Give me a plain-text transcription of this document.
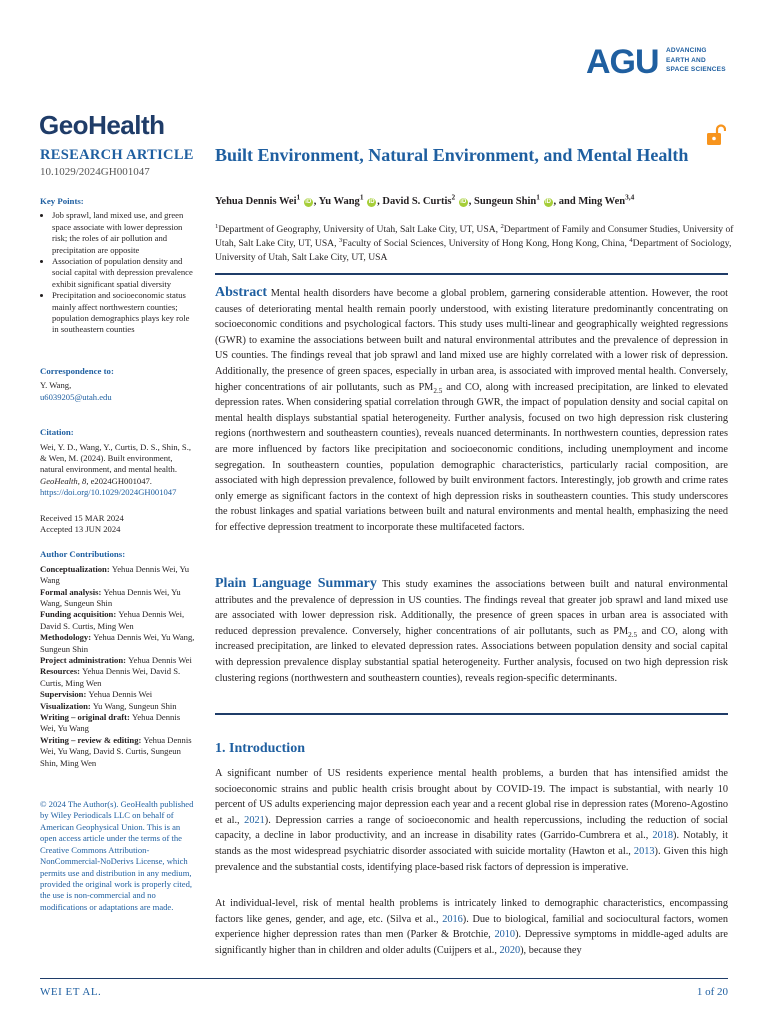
AGU ADVANCING
EARTH AND
SPACE SCIENCES
GeoHealth
RESEARCH ARTICLE
10.1029/2024GH001047
Key Points:
• Job sprawl, land mixed use, and green space associate with lower depression risk; the roles of air pollution and precipitation are opposite
• Association of population density and social capital with depression prevalence exhibit significant spatial diversity
• Precipitation and socioeconomic status mainly affect northwestern counties; population demographics plays key role in southeastern counties
Correspondence to:

Y. Wang,

u6039205@utah.edu

Citation:

Wei, Y. D., Wang, Y., Curtis, D. S., Shin, S., & Wen, M. (2024). Built environment, natural environment, and mental health. GeoHealth, 8, e2024GH001047. https://doi.org/10.1029/2024GH001047

Received 15 MAR 2024

Accepted 13 JUN 2024

Author Contributions:

Conceptualization: Yehua Dennis Wei, Yu Wang

Formal analysis: Yehua Dennis Wei, Yu Wang, Sungeun Shin

Funding acquisition: Yehua Dennis Wei, David S. Curtis, Ming Wen

Methodology: Yehua Dennis Wei, Yu Wang, Sungeun Shin

Project administration: Yehua Dennis Wei

Resources: Yehua Dennis Wei, David S. Curtis, Ming Wen

Supervision: Yehua Dennis Wei

Visualization: Yu Wang, Sungeun Shin

Writing – original draft: Yehua Dennis Wei, Yu Wang

Writing – review & editing: Yehua Dennis Wei, Yu Wang, David S. Curtis, Sungeun Shin, Ming Wen

© 2024 The Author(s). GeoHealth published by Wiley Periodicals LLC on behalf of American Geophysical Union. This is an open access article under the terms of the Creative Commons Attribution-NonCommercial-NoDerivs License, which permits use and distribution in any medium, provided the original work is properly cited, the use is non-commercial and no modifications or adaptations are made.

Built Environment, Natural Environment, and Mental Health
Yehua Dennis Wei$^1$ iD , Yu Wang$^1$ iD , David S. Curtis$^2$ iD , Sungeun Shin$^1$ iD , and Ming Wen$^{3,4}$
$^1$Department of Geography, University of Utah, Salt Lake City, UT, USA, $^2$Department of Family and Consumer Studies, University of Utah, Salt Lake City, UT, USA, $^3$Faculty of Social Sciences, University of Hong Kong, Hong Kong, China, $^4$Department of Sociology, University of Utah, Salt Lake City, UT, USA

Abstract Mental health disorders have become a global problem, garnering considerable attention. However, the root causes of deteriorating mental health remain poorly understood, with existing literature predominantly concentrating on socioeconomic conditions and psychological factors. This study uses multi-linear and geographically weighted regressions (GWR) to examine the associations between built and natural environmental attributes and the prevalence of depression in US counties. The findings reveal that job sprawl and land mixed use are highly correlated with a lower risk of depression. Additionally, the presence of green spaces, especially in urban area, is associated with improved mental health. Conversely, higher concentrations of air pollutants, such as $PM_{2.5}$ and CO, along with increased precipitation, are linked to elevated depression rates. When considering spatial correlation through GWR, the impact of population density and social capital on mental health displays substantial spatial heterogeneity. Further analysis, focused on two high depression risk clustering regions (northwestern and southeastern counties), reveals nuanced determinants. In northwestern counties, depression rates are more influenced by factors like precipitation and socioeconomic conditions, including unemployment and income segregation. In southeastern counties, population demographic characteristics, particularly racial composition, are associated with high depression prevalence, followed by built environment factors. Interestingly, job growth and crime rates only emerge as significant factors in the context of high depression risks in southeastern counties. This study underscores the robust linkages and spatial variations between built and natural environments and mental health, emphasizing the need for effective depression treatment to incorporate these multifaceted factors.

Plain Language Summary This study examines the associations between built and natural environmental attributes and the prevalence of depression in US counties. The findings reveal that greater job sprawl and land mixed use are associated with lower depression risk. Additionally, the presence of green spaces in urban area is associated with reduced depression prevalence. Conversely, higher concentrations of air pollutants, such as $PM_{2.5}$ and CO, along with increased precipitation, are linked to elevated depression rates. Associations between population density and social capital with depression prevalence display substantial spatial heterogeneity. Further analysis, focused on two high depression risk clustering regions (northwestern and southeastern counties), reveals region-specific determinants.

1. Introduction

A significant number of US residents experience mental health problems, a burden that has intensified amidst the socioeconomic strains and public health crisis brought about by COVID-19. The impact is substantial, with nearly 10 percent of US adults experiencing major depression each year and a recent global rise in depression rates (Moreno-Agostino et al., 2021). Depression carries a range of socioeconomic and health repercussions, including the reduction of social capacity, a decline in labor productivity, and an increase in disability rates (Garrido-Cumbrera et al., 2018). Notably, it stands as the most widespread psychiatric disorder associated with suicide mortality (Hawton et al., 2013). Given this high prevalence and the substantial costs, identifying place-based risk factors of depression is imperative.

At individual-level, risk of mental health problems is intricately linked to demographic characteristics, encompassing factors like genes, gender, and age, etc. (Silva et al., 2016). Due to biological, familial and sociocultural factors, women experience higher depression rates than men (Parker & Brotchie, 2010). Depressive symptoms in middle-aged adults are significantly higher than in children and older adults (Cuijpers et al., 2020), because they

WEI ET AL.	1 of 20
